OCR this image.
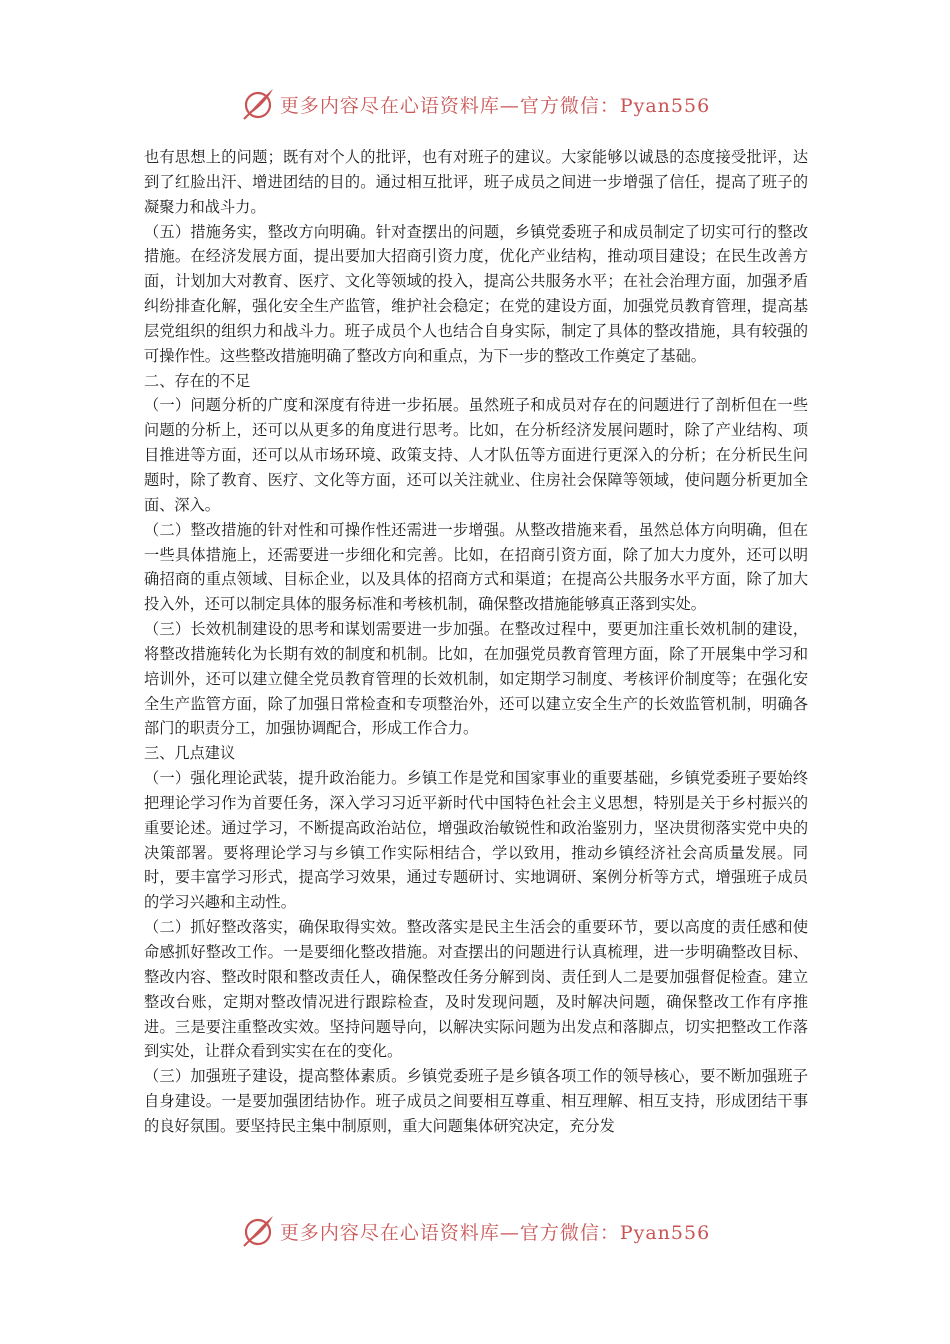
更多内容尽在心语资料库—官方微信：Pyan556

也有思想上的问题；既有对个人的批评，也有对班子的建议。大家能够以诚恳的态度接受批评，达到了红脸出汗、增进团结的目的。通过相互批评，班子成员之间进一步增强了信任，提高了班子的凝聚力和战斗力。

（五）措施务实，整改方向明确。针对查摆出的问题，乡镇党委班子和成员制定了切实可行的整改措施。在经济发展方面，提出要加大招商引资力度，优化产业结构，推动项目建设；在民生改善方面，计划加大对教育、医疗、文化等领域的投入，提高公共服务水平；在社会治理方面，加强矛盾纠纷排查化解，强化安全生产监管，维护社会稳定；在党的建设方面，加强党员教育管理，提高基层党组织的组织力和战斗力。班子成员个人也结合自身实际，制定了具体的整改措施，具有较强的可操作性。这些整改措施明确了整改方向和重点，为下一步的整改工作奠定了基础。

二、存在的不足

（一）问题分析的广度和深度有待进一步拓展。虽然班子和成员对存在的问题进行了剖析但在一些问题的分析上，还可以从更多的角度进行思考。比如，在分析经济发展问题时，除了产业结构、项目推进等方面，还可以从市场环境、政策支持、人才队伍等方面进行更深入的分析；在分析民生问题时，除了教育、医疗、文化等方面，还可以关注就业、住房社会保障等领域，使问题分析更加全面、深入。

（二）整改措施的针对性和可操作性还需进一步增强。从整改措施来看，虽然总体方向明确，但在一些具体措施上，还需要进一步细化和完善。比如，在招商引资方面，除了加大力度外，还可以明确招商的重点领域、目标企业，以及具体的招商方式和渠道；在提高公共服务水平方面，除了加大投入外，还可以制定具体的服务标准和考核机制，确保整改措施能够真正落到实处。

（三）长效机制建设的思考和谋划需要进一步加强。在整改过程中，要更加注重长效机制的建设，将整改措施转化为长期有效的制度和机制。比如，在加强党员教育管理方面，除了开展集中学习和培训外，还可以建立健全党员教育管理的长效机制，如定期学习制度、考核评价制度等；在强化安全生产监管方面，除了加强日常检查和专项整治外，还可以建立安全生产的长效监管机制，明确各部门的职责分工，加强协调配合，形成工作合力。

三、几点建议

（一）强化理论武装，提升政治能力。乡镇工作是党和国家事业的重要基础，乡镇党委班子要始终把理论学习作为首要任务，深入学习习近平新时代中国特色社会主义思想，特别是关于乡村振兴的重要论述。通过学习，不断提高政治站位，增强政治敏锐性和政治鉴别力，坚决贯彻落实党中央的决策部署。要将理论学习与乡镇工作实际相结合，学以致用，推动乡镇经济社会高质量发展。同时，要丰富学习形式，提高学习效果，通过专题研讨、实地调研、案例分析等方式，增强班子成员的学习兴趣和主动性。

（二）抓好整改落实，确保取得实效。整改落实是民主生活会的重要环节，要以高度的责任感和使命感抓好整改工作。一是要细化整改措施。对查摆出的问题进行认真梳理，进一步明确整改目标、整改内容、整改时限和整改责任人，确保整改任务分解到岗、责任到人二是要加强督促检查。建立整改台账，定期对整改情况进行跟踪检查，及时发现问题，及时解决问题，确保整改工作有序推进。三是要注重整改实效。坚持问题导向，以解决实际问题为出发点和落脚点，切实把整改工作落到实处，让群众看到实实在在的变化。

（三）加强班子建设，提高整体素质。乡镇党委班子是乡镇各项工作的领导核心，要不断加强班子自身建设。一是要加强团结协作。班子成员之间要相互尊重、相互理解、相互支持，形成团结干事的良好氛围。要坚持民主集中制原则，重大问题集体研究决定，充分发

更多内容尽在心语资料库—官方微信：Pyan556
